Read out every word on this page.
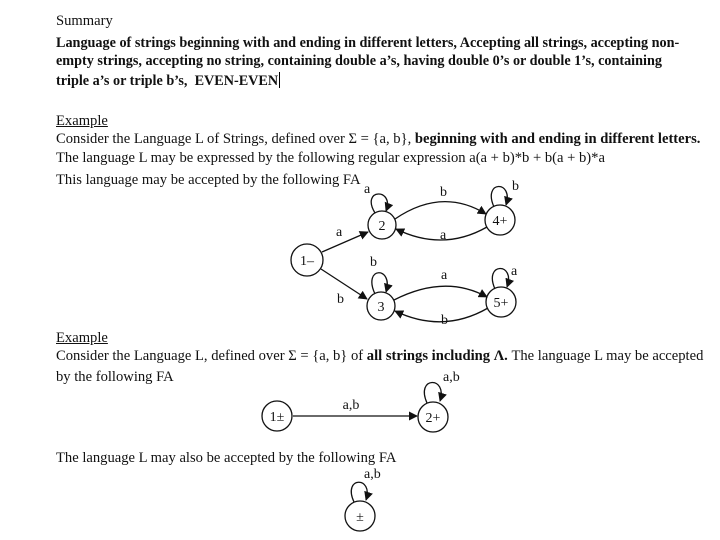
Summary
Language of strings beginning with and ending in different letters, Accepting all strings, accepting non-
empty strings, accepting no string, containing double a’s, having double 0’s or double 1’s, containing
triple a’s or triple b’s, EVEN-EVEN
Example
Consider the Language L of Strings, defined over Σ = {a, b}, beginning with and ending in different letters.
The language L may be expressed by the following regular expression a(a + b)*b + b(a + b)*a
This language may be accepted by the following FA
Example
Consider the Language L, defined over Σ = {a, b} of all strings including Λ. The language L may be accepted
by the following FA
The language L may also be accepted by the following FA
1–
2	4+
3	5+
a
b
a	b
a
b
b
a
b
a
1±	2+
a,b
a,b
±
a,b
